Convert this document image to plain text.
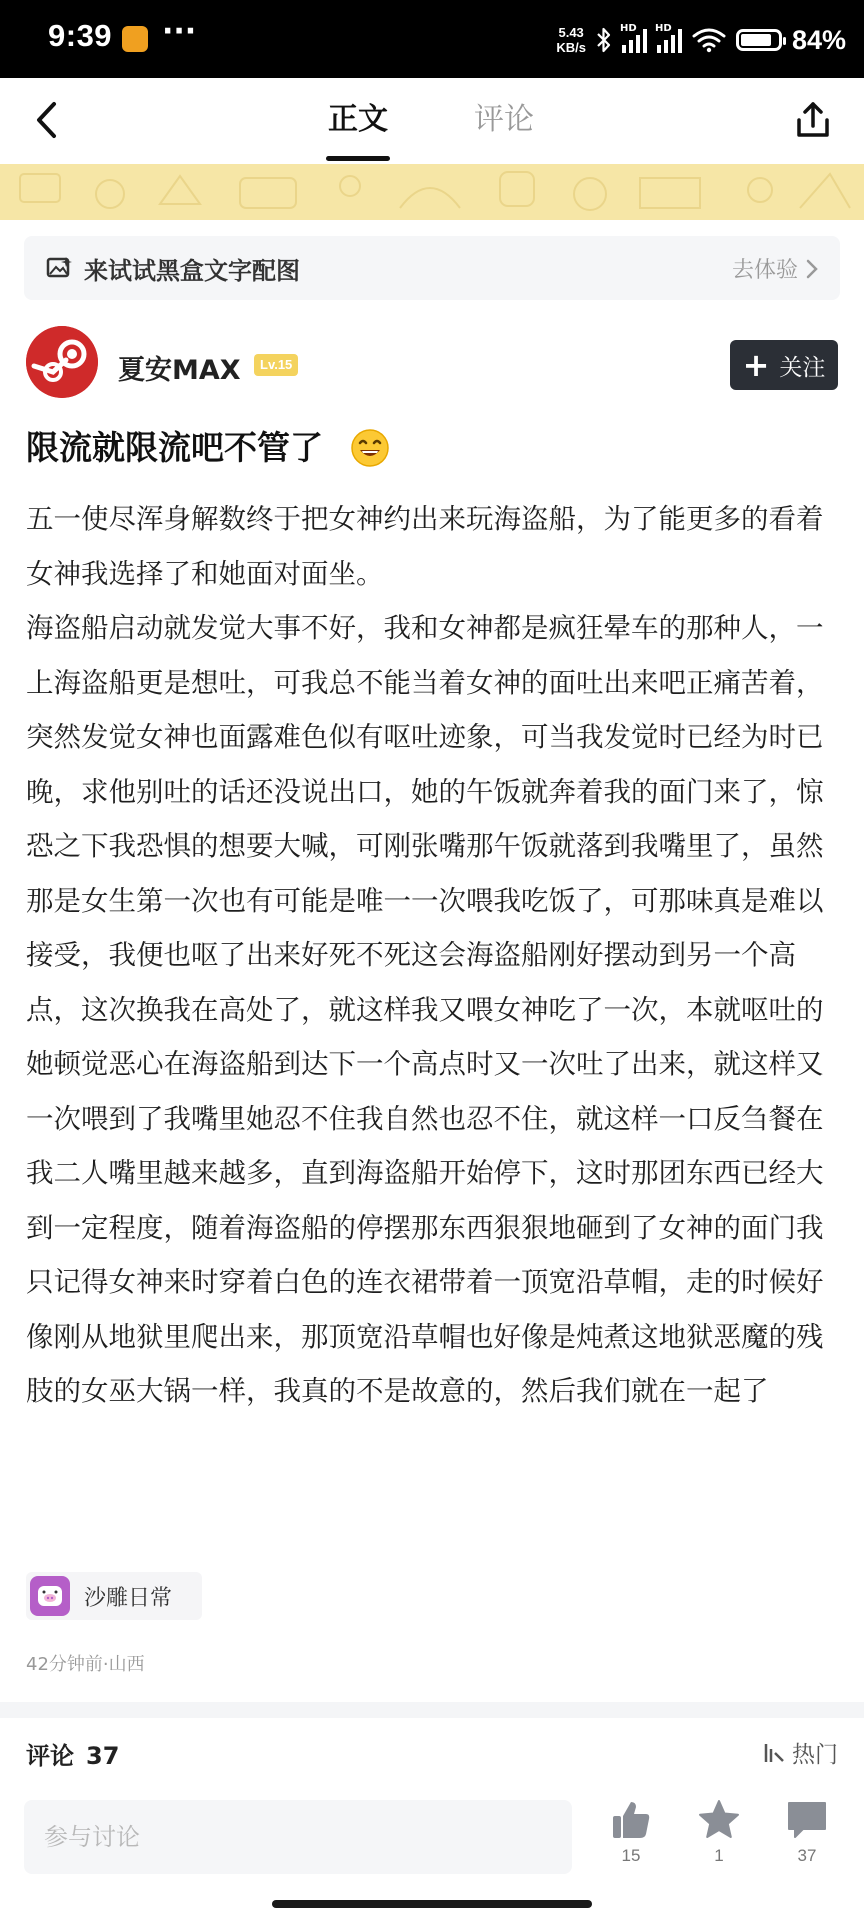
9:39 ···	5.43
KB/s
HD HD	84%
正文	评论
来试试黑盒文字配图	去体验
夏安MAX	Lv.15	+ 关注
限流就限流吧不管了
五一使尽浑身解数终于把女神约出来玩海盗船，为了能更多的看着女神我选择了和她面对面坐。
海盗船启动就发觉大事不好，我和女神都是疯狂晕车的那种人，一上海盗船更是想吐，可我总不能当着女神的面吐出来吧正痛苦着，突然发觉女神也面露难色似有呕吐迹象，可当我发觉时已经为时已晚，求他别吐的话还没说出口，她的午饭就奔着我的面门来了，惊恐之下我恐惧的想要大喊，可刚张嘴那午饭就落到我嘴里了，虽然那是女生第一次也有可能是唯一一次喂我吃饭了，可那味真是难以接受，我便也呕了出来好死不死这会海盗船刚好摆动到另一个高点，这次换我在高处了，就这样我又喂女神吃了一次，本就呕吐的她顿觉恶心在海盗船到达下一个高点时又一次吐了出来，就这样又一次喂到了我嘴里她忍不住我自然也忍不住，就这样一口反刍餐在我二人嘴里越来越多，直到海盗船开始停下，这时那团东西已经大到一定程度，随着海盗船的停摆那东西狠狠地砸到了女神的面门我只记得女神来时穿着白色的连衣裙带着一顶宽沿草帽，走的时候好像刚从地狱里爬出来，那顶宽沿草帽也好像是炖煮这地狱恶魔的残肢的女巫大锅一样，我真的不是故意的，然后我们就在一起了
沙雕日常
42分钟前·山西
评论 37	热门
参与讨论
15	1	37
